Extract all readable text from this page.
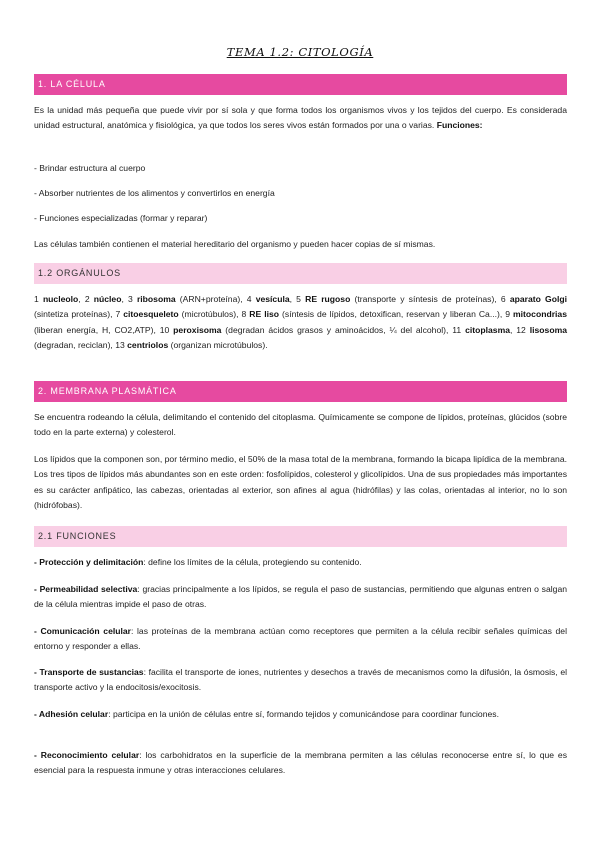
TEMA 1.2: CITOLOGÍA
1. LA CÉLULA

Es la unidad más pequeña que puede vivir por sí sola y que forma todos los organismos vivos y los tejidos del cuerpo. Es considerada unidad estructural, anatómica y fisiológica, ya que todos los seres vivos están formados por una o varias. Funciones:

- Brindar estructura al cuerpo
- Absorber nutrientes de los alimentos y convertirlos en energía
- Funciones especializadas (formar y reparar)

Las células también contienen el material hereditario del organismo y pueden hacer copias de sí mismas.

1.2 ORGÁNULOS

1 nucleolo, 2 núcleo, 3 ribosoma (ARN+proteína), 4 vesícula, 5 RE rugoso (transporte y síntesis de proteínas), 6 aparato Golgi (sintetiza proteínas), 7 citoesqueleto (microtúbulos), 8 RE liso (síntesis de lípidos, detoxifican, reservan y liberan Ca...), 9 mitocondrias (liberan energía, H, CO2,ATP), 10 peroxisoma (degradan ácidos grasos y aminoácidos, ¼ del alcohol), 11 citoplasma, 12 lisosoma (degradan, reciclan), 13 centriolos (organizan microtúbulos).

2. MEMBRANA PLASMÁTICA

Se encuentra rodeando la célula, delimitando el contenido del citoplasma. Químicamente se compone de lípidos, proteínas, glúcidos (sobre todo en la parte externa) y colesterol.

Los lípidos que la componen son, por término medio, el 50% de la masa total de la membrana, formando la bicapa lipídica de la membrana. Los tres tipos de lípidos más abundantes son en este orden: fosfolípidos, colesterol y glicolípidos. Una de sus propiedades más importantes es su carácter anfipático, las cabezas, orientadas al exterior, son afines al agua (hidrófilas) y las colas, orientadas al interior, no lo son (hidrófobas).

2.1 FUNCIONES

- Protección y delimitación: define los límites de la célula, protegiendo su contenido.

- Permeabilidad selectiva: gracias principalmente a los lípidos, se regula el paso de sustancias, permitiendo que algunas entren o salgan de la célula mientras impide el paso de otras.

- Comunicación celular: las proteínas de la membrana actúan como receptores que permiten a la célula recibir señales químicas del entorno y responder a ellas.

- Transporte de sustancias: facilita el transporte de iones, nutrientes y desechos a través de mecanismos como la difusión, la ósmosis, el transporte activo y la endocitosis/exocitosis.

- Adhesión celular: participa en la unión de células entre sí, formando tejidos y comunicándose para coordinar funciones.

- Reconocimiento celular: los carbohidratos en la superficie de la membrana permiten a las células reconocerse entre sí, lo que es esencial para la respuesta inmune y otras interacciones celulares.
